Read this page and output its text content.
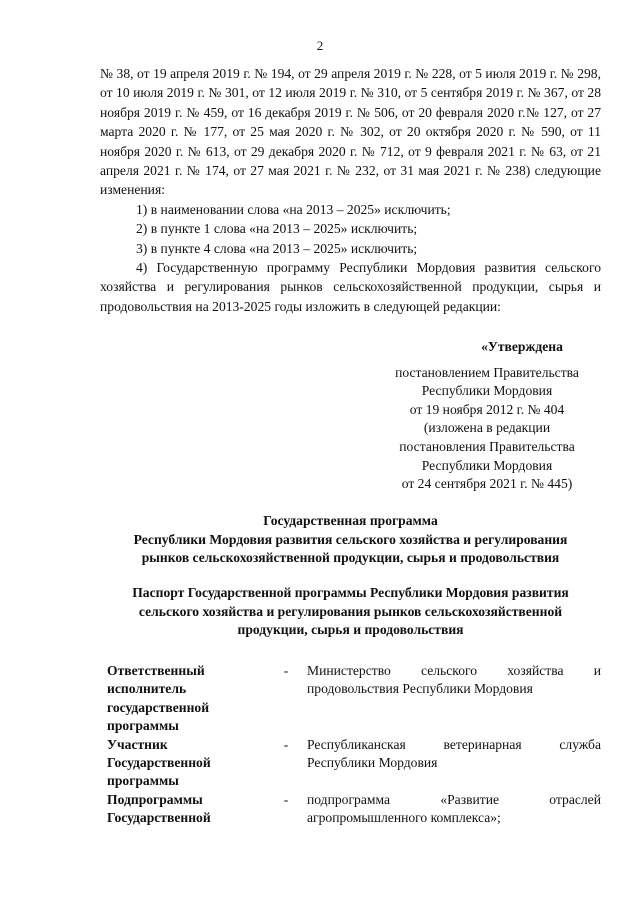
2

№ 38, от 19 апреля 2019 г. № 194, от 29 апреля 2019 г. № 228, от 5 июля 2019 г. № 298, от 10 июля 2019 г. № 301, от 12 июля 2019 г. № 310, от 5 сентября 2019 г. № 367, от 28 ноября 2019 г. № 459, от 16 декабря 2019 г. № 506, от 20 февраля 2020 г.№ 127, от 27 марта 2020 г. № 177, от 25 мая 2020 г. № 302, от 20 октября 2020 г. № 590, от 11 ноября 2020 г. № 613, от 29 декабря 2020 г. № 712, от 9 февраля 2021 г. № 63, от 21 апреля 2021 г. № 174, от 27 мая 2021 г. № 232, от 31 мая 2021 г. № 238) следующие изменения:

1) в наименовании слова «на 2013 – 2025» исключить;

2) в пункте 1 слова «на 2013 – 2025» исключить;

3) в пункте 4 слова «на 2013 – 2025» исключить;

4) Государственную программу Республики Мордовия развития сельского хозяйства и регулирования рынков сельскохозяйственной продукции, сырья и продовольствия на 2013-2025 годы изложить в следующей редакции:

«Утверждена
постановлением Правительства
Республики Мордовия
от 19 ноября 2012 г. № 404
(изложена в редакции
постановления Правительства
Республики Мордовия
от 24 сентября 2021 г. № 445)
Государственная программа
Республики Мордовия развития сельского хозяйства и регулирования
рынков сельскохозяйственной продукции, сырья и продовольствия
Паспорт Государственной программы Республики Мордовия развития
сельского хозяйства и регулирования рынков сельскохозяйственной
продукции, сырья и продовольствия
Ответственный
исполнитель
государственной
программы
-	Министерство сельского хозяйства и продовольствия Республики Мордовия
Участник
Государственной
программы
-	Республиканская ветеринарная служба Республики Мордовия
Подпрограммы
Государственной
-	подпрограмма «Развитие отраслей агропромышленного комплекса»;
